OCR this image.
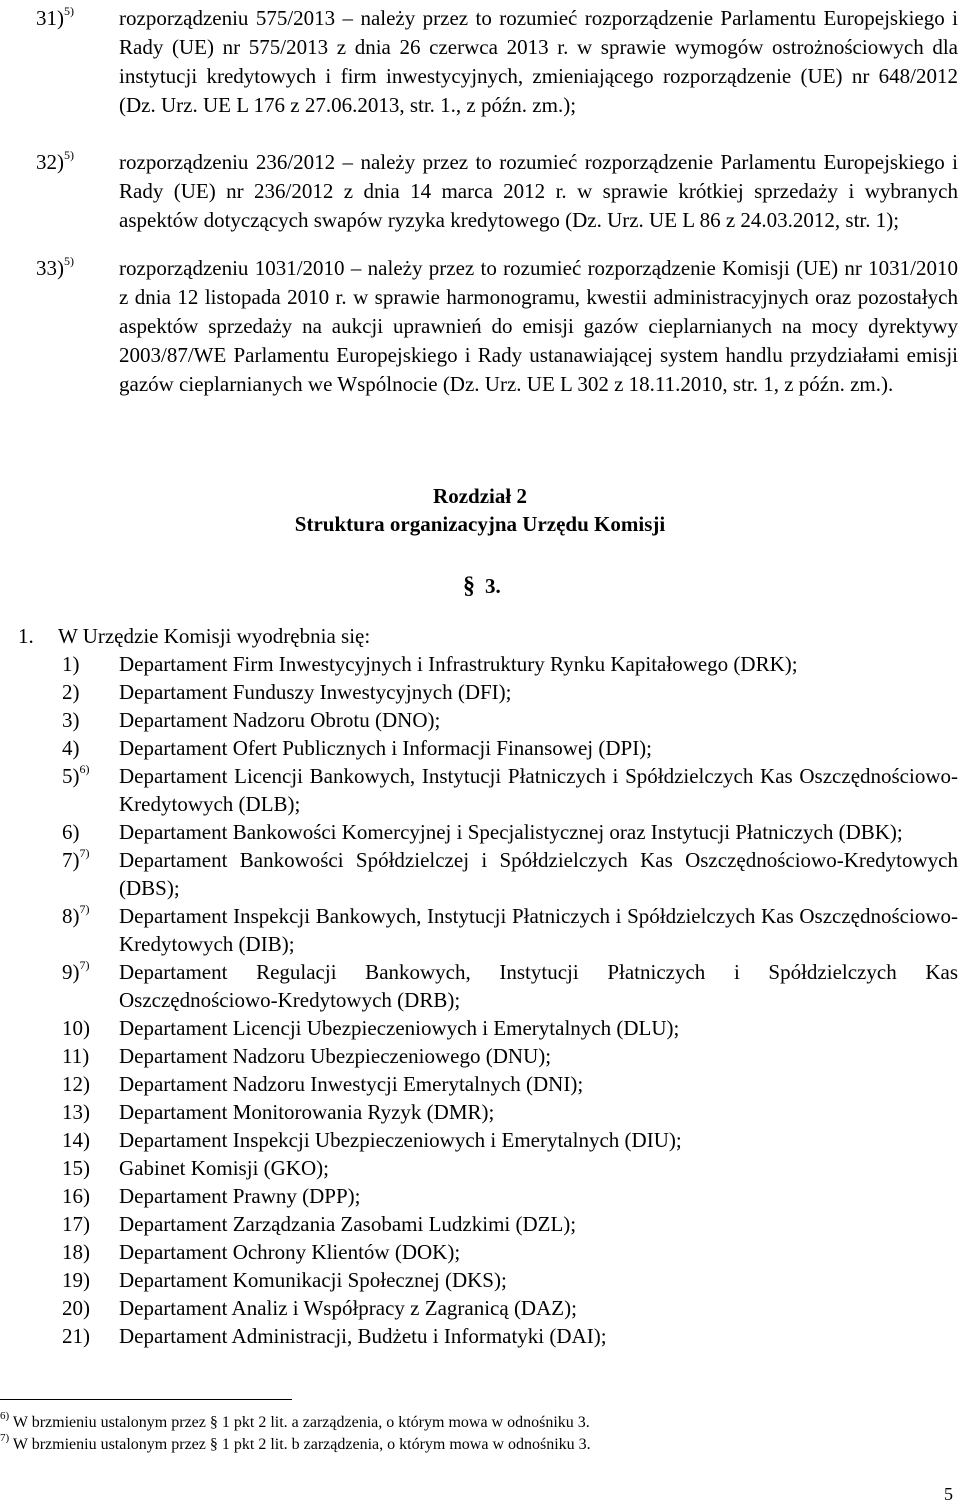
31)$^{5)}$	rozporządzeniu 575/2013 – należy przez to rozumieć rozporządzenie Parlamentu Europejskiego i Rady (UE) nr 575/2013 z dnia 26 czerwca 2013 r. w sprawie wymogów ostrożnościowych dla instytucji kredytowych i firm inwestycyjnych, zmieniającego rozporządzenie (UE) nr 648/2012 (Dz. Urz. UE L 176 z 27.06.2013, str. 1., z późn. zm.);
32)$^{5)}$	rozporządzeniu 236/2012 – należy przez to rozumieć rozporządzenie Parlamentu Europejskiego i Rady (UE) nr 236/2012 z dnia 14 marca 2012 r. w sprawie krótkiej sprzedaży i wybranych aspektów dotyczących swapów ryzyka kredytowego (Dz. Urz. UE L 86 z 24.03.2012, str. 1);
33)$^{5)}$	rozporządzeniu 1031/2010 – należy przez to rozumieć rozporządzenie Komisji (UE) nr 1031/2010 z dnia 12 listopada 2010 r. w sprawie harmonogramu, kwestii administracyjnych oraz pozostałych aspektów sprzedaży na aukcji uprawnień do emisji gazów cieplarnianych na mocy dyrektywy 2003/87/WE Parlamentu Europejskiego i Rady ustanawiającej system handlu przydziałami emisji gazów cieplarnianych we Wspólnocie (Dz. Urz. UE L 302 z 18.11.2010, str. 1, z późn. zm.).
Rozdział 2
Struktura organizacyjna Urzędu Komisji
§ 3.
1. W Urzędzie Komisji wyodrębnia się:
1)	Departament Firm Inwestycyjnych i Infrastruktury Rynku Kapitałowego (DRK);
2)	Departament Funduszy Inwestycyjnych (DFI);
3)	Departament Nadzoru Obrotu (DNO);
4)	Departament Ofert Publicznych i Informacji Finansowej (DPI);
5)$^{6)}$	Departament Licencji Bankowych, Instytucji Płatniczych i Spółdzielczych Kas Oszczędnościowo-Kredytowych (DLB);
6)	Departament Bankowości Komercyjnej i Specjalistycznej oraz Instytucji Płatniczych (DBK);
7)$^{7)}$	Departament Bankowości Spółdzielczej i Spółdzielczych Kas Oszczędnościowo-Kredytowych (DBS);
8)$^{7)}$	Departament Inspekcji Bankowych, Instytucji Płatniczych i Spółdzielczych Kas Oszczędnościowo-Kredytowych (DIB);
9)$^{7)}$	Departament Regulacji Bankowych, Instytucji Płatniczych i Spółdzielczych Kas Oszczędnościowo-Kredytowych (DRB);
10)	Departament Licencji Ubezpieczeniowych i Emerytalnych (DLU);
11)	Departament Nadzoru Ubezpieczeniowego (DNU);
12)	Departament Nadzoru Inwestycji Emerytalnych (DNI);
13)	Departament Monitorowania Ryzyk (DMR);
14)	Departament Inspekcji Ubezpieczeniowych i Emerytalnych (DIU);
15)	Gabinet Komisji (GKO);
16)	Departament Prawny (DPP);
17)	Departament Zarządzania Zasobami Ludzkimi (DZL);
18)	Departament Ochrony Klientów (DOK);
19)	Departament Komunikacji Społecznej (DKS);
20)	Departament Analiz i Współpracy z Zagranicą (DAZ);
21)	Departament Administracji, Budżetu i Informatyki (DAI);
$^{6)}$ W brzmieniu ustalonym przez § 1 pkt 2 lit. a zarządzenia, o którym mowa w odnośniku 3.
$^{7)}$ W brzmieniu ustalonym przez § 1 pkt 2 lit. b zarządzenia, o którym mowa w odnośniku 3.
5
